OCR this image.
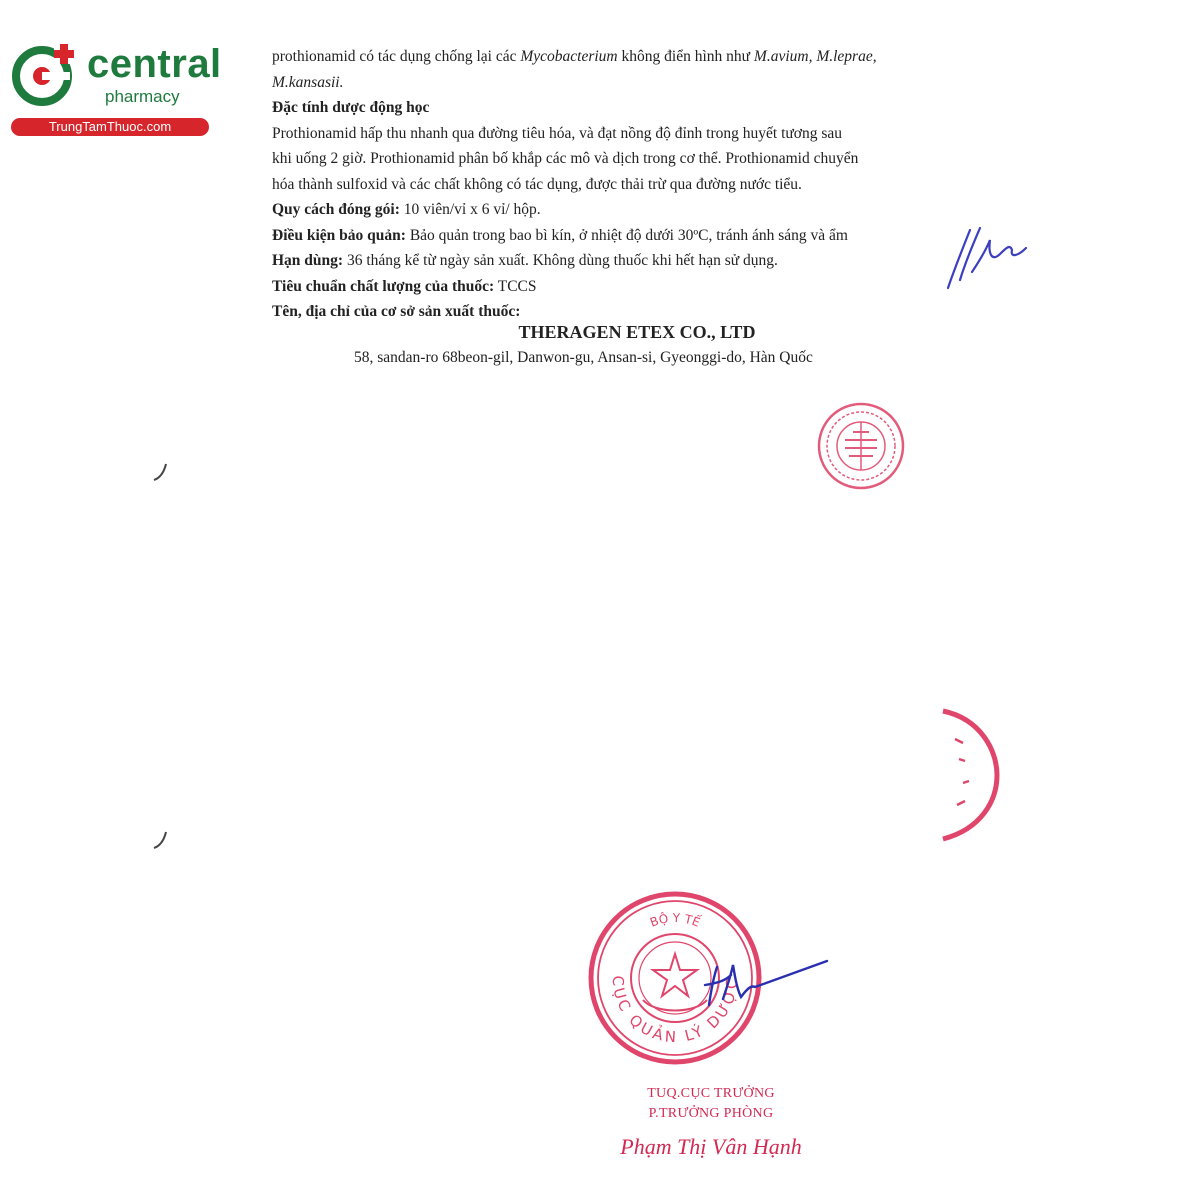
central
pharmacy
TrungTamThuoc.com

prothionamid có tác dụng chống lại các Mycobacterium không điển hình như M.avium, M.leprae,

M.kansasii.

Đặc tính dược động học

Prothionamid hấp thu nhanh qua đường tiêu hóa, và đạt nồng độ đỉnh trong huyết tương sau

khi uống 2 giờ. Prothionamid phân bố khắp các mô và dịch trong cơ thể. Prothionamid chuyển

hóa thành sulfoxid và các chất không có tác dụng, được thải trừ qua đường nước tiểu.

Quy cách đóng gói: 10 viên/vỉ x 6 vỉ/ hộp.

Điều kiện bảo quản: Bảo quản trong bao bì kín, ở nhiệt độ dưới 30ºC, tránh ánh sáng và ẩm

Hạn dùng: 36 tháng kể từ ngày sản xuất. Không dùng thuốc khi hết hạn sử dụng.

Tiêu chuẩn chất lượng của thuốc: TCCS

Tên, địa chỉ của cơ sở sản xuất thuốc:

THERAGEN ETEX CO., LTD
58, sandan-ro 68beon-gil, Danwon-gu, Ansan-si, Gyeonggi-do, Hàn Quốc
BỘ Y TẾ
CỤC QUẢN LÝ DƯỢC
TUQ.CỤC TRƯỞNG
P.TRƯỞNG PHÒNG
Phạm Thị Vân Hạnh
